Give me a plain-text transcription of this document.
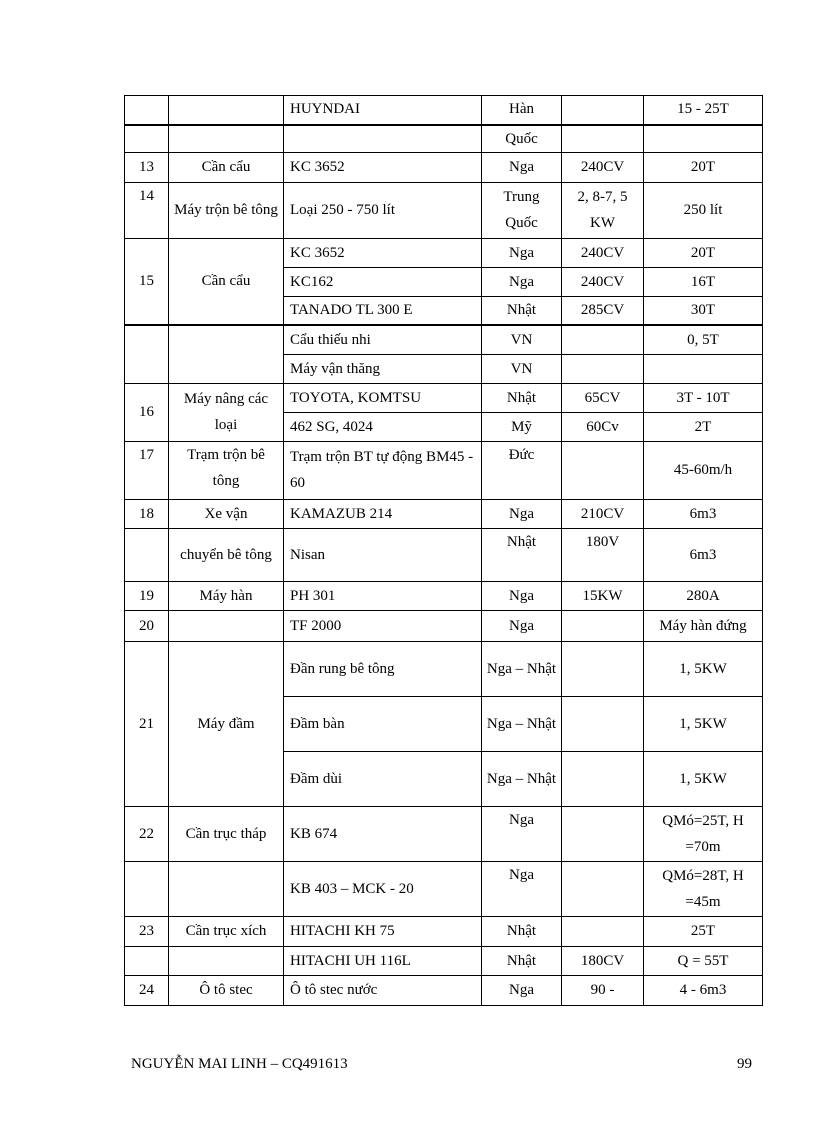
		HUYNDAI	Hàn		15 - 25T
			Quốc		
13	Cần cẩu	KC 3652	Nga	240CV	20T
14	Máy trộn bê tông	Loại 250 - 750 lít	Trung Quốc	2, 8-7, 5 KW	250 lít
15	Cần cẩu	KC 3652	Nga	240CV	20T
		KC162	Nga	240CV	16T
		TANADO TL 300 E	Nhật	285CV	30T
		Cẩu thiếu nhi	VN		0, 5T
		Máy vận thăng	VN		
16	Máy nâng các loại	TOYOTA, KOMTSU	Nhật	65CV	3T - 10T
		462 SG, 4024	Mỹ	60Cv	2T
17	Trạm trộn bê tông	Trạm trộn BT tự động BM45 - 60	Đức		45-60m/h
18	Xe vận	KAMAZUB 214	Nga	210CV	6m3
	chuyển bê tông	Nisan	Nhật	180V	6m3
19	Máy hàn	PH 301	Nga	15KW	280A
20		TF 2000	Nga		Máy hàn đứng
21	Máy đầm	Đần rung bê tông	Nga – Nhật		1, 5KW
		Đầm bàn	Nga – Nhật		1, 5KW
		Đầm dùi	Nga – Nhật		1, 5KW
22	Cần trục tháp	KB 674	Nga		QMó=25T, H =70m
		KB 403 – MCK - 20	Nga		QMó=28T, H =45m
23	Cần trục xích	HITACHI KH 75	Nhật		25T
		HITACHI UH 116L	Nhật	180CV	Q = 55T
24	Ô tô stec	Ô tô stec nước	Nga	90 -	4 - 6m3
NGUYỄN MAI LINH – CQ491613	99
